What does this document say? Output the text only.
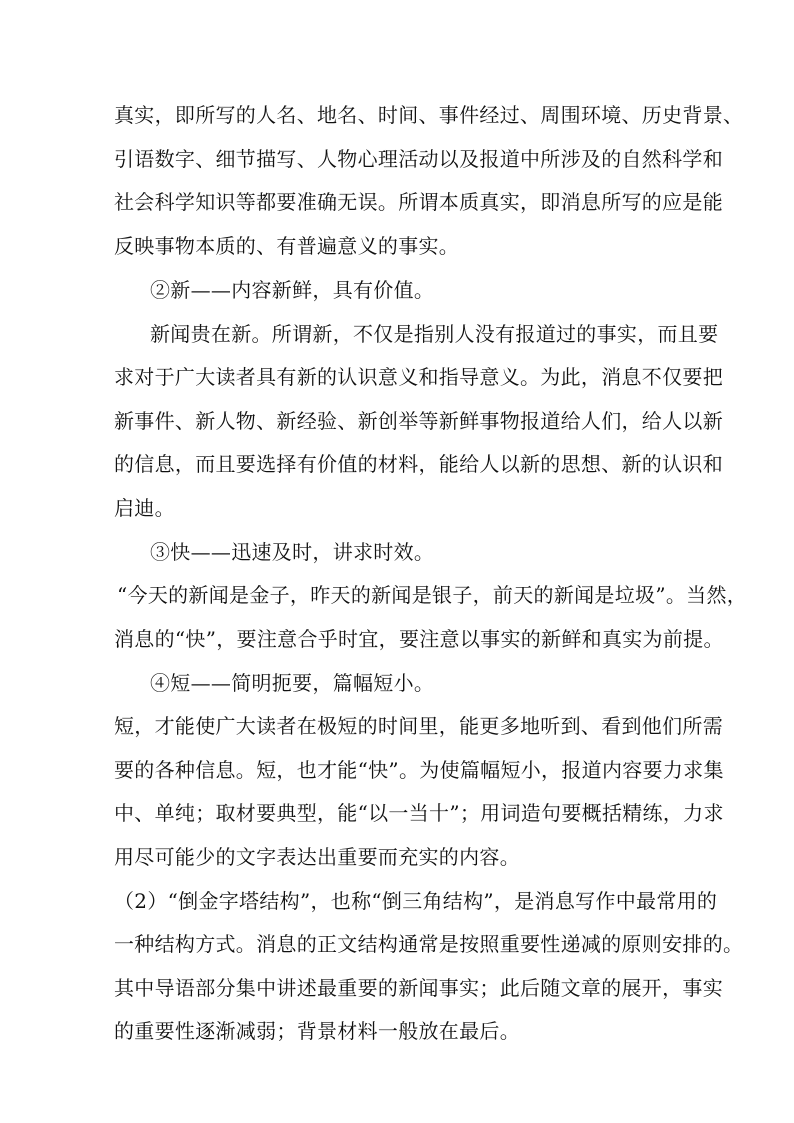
真实，即所写的人名、地名、时间、事件经过、周围环境、历史背景、
引语数字、细节描写、人物心理活动以及报道中所涉及的自然科学和
社会科学知识等都要准确无误。所谓本质真实，即消息所写的应是能
反映事物本质的、有普遍意义的事实。
②新——内容新鲜，具有价值。
新闻贵在新。所谓新，不仅是指别人没有报道过的事实，而且要
求对于广大读者具有新的认识意义和指导意义。为此，消息不仅要把
新事件、新人物、新经验、新创举等新鲜事物报道给人们，给人以新
的信息，而且要选择有价值的材料，能给人以新的思想、新的认识和
启迪。
③快——迅速及时，讲求时效。
“今天的新闻是金子，昨天的新闻是银子，前天的新闻是垃圾”。当然，
消息的“快”，要注意合乎时宜，要注意以事实的新鲜和真实为前提。
④短——简明扼要，篇幅短小。
短，才能使广大读者在极短的时间里，能更多地听到、看到他们所需
要的各种信息。短，也才能“快”。为使篇幅短小，报道内容要力求集
中、单纯；取材要典型，能“以一当十”；用词造句要概括精练，力求
用尽可能少的文字表达出重要而充实的内容。
（2）“倒金字塔结构”，也称“倒三角结构”，是消息写作中最常用的
一种结构方式。消息的正文结构通常是按照重要性递减的原则安排的。
其中导语部分集中讲述最重要的新闻事实；此后随文章的展开，事实
的重要性逐渐减弱；背景材料一般放在最后。
